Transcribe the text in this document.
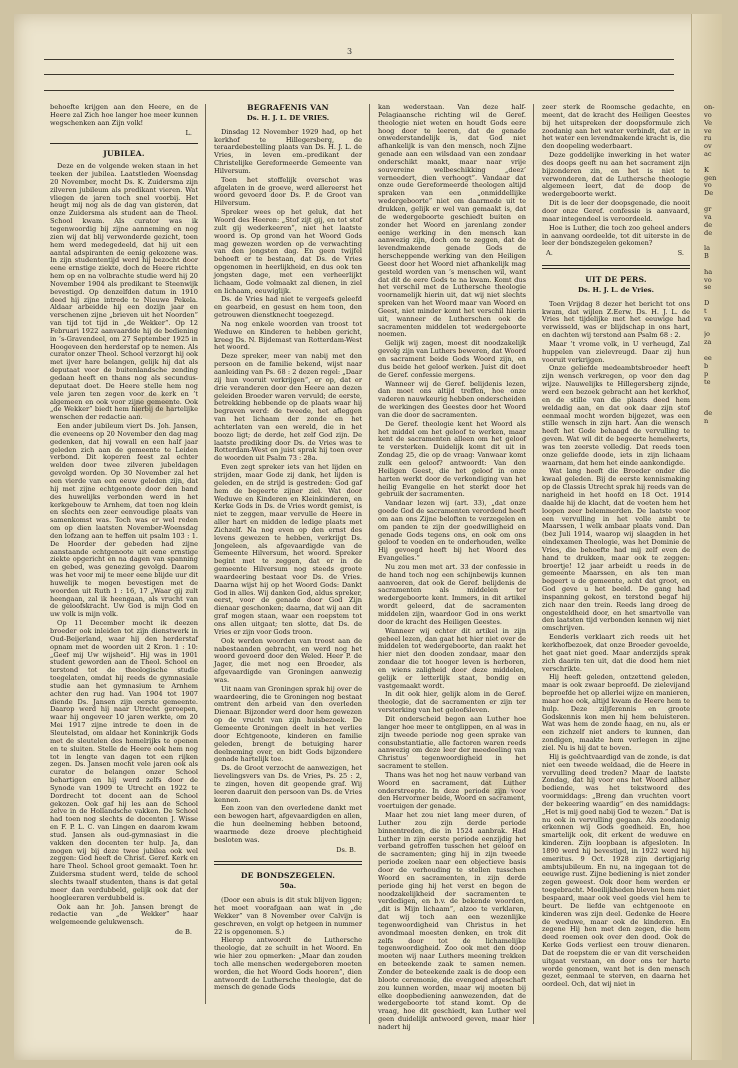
3

behoefte krijgen aan den Heere, en de Heere zal Zich hoe langer hoe meer kunnen wegschenken aan Zijn volk!

L.
JUBILEA.

Deze en de volgende weken staan in het teeken der jubilea. Laatstleden Woensdag 20 November, mocht Ds. K. Zuidersma zijn zilveren jubileum als predikant vieren. Wat vliegen de jaren toch snel voorbij. Het heugt mij nog als de dag van gisteren, dat onze Zuidersma als student aan de Theol. School kwam. Als curator was ik tegenwoordig bij zijne aanneming en nog zien wij dat blij verwonderde gezicht, toen hem werd medegedeeld, dat hij uit een aantal adspiranten de eenig gekozene was. In zijn studententijd werd hij bezocht door eene ernstige ziekte, doch de Heere richtte hem op en na volbrachte studie werd hij 20 November 1904 als predikant te Steenwijk bevestigd. Op denzelfden datum in 1910 deed hij zijne intrede te Nieuwe Pekela. Aldaar arbeidde hij een dozijn jaar en verschenen zijne „brieven uit het Noorden” van tijd tot tijd in „de Wekker”. Op 12 Februari 1922 aanvaardde hij de bediening in ’s-Gravendeel, om 27 September 1925 in Hoogeveen den herderstaf op te nemen. Als curator onzer Theol. School verzorgt hij ook met ijver hare belangen, gelijk hij dat als deputaat voor de buitenlandsche zending gedaan heeft en thans nog als secundus-deputaat doet. De Heere stelle hem nog vele jaren ten zegen voor de kerk en ’t algemeen en ook voor zijne gemeente. Ook „de Wekker” biedt hem hierbij de hartelijke wenschen der redactie aan.

Een ander jubileum viert Ds. Joh. Jansen, die eveneens op 20 November den dag mag gedenken, dat hij vowall en een half jaar geleden zich aan de gemeente te Leiden verbond. Dit koperen feest zal echter welden door twee zilveren jubeldagen gevolgd worden. Op 30 November zal het een vierde van een eeuw geleden zijn, dat hij met zijne echtgenoote door den band des huwelijks verbonden werd in het kerkgebouw te Arnhem, dat toen nog klein en slechts een zeer eenvoudige plaats van samenkomst was. Toch was er wel reden om op dien laatsten November-Woensdag den lofzang aan te heffen uit psalm 103 : 1. De Hoorder der gebeden had zijne aanstaande echtgenoote uit eene ernstige ziekte opgericht en na dagen van spanning en gebed, was genezing gevolgd. Daarom was het voor mij te meer eene blijde uur dit huwelijk te mogen bevestigen met de woorden uit Ruth 1 : 16, 17 „Waar gij zult heengaan, zal ik heengaan, als vrucht van de geloofskracht. Uw God is mijn God en uw volk is mijn volk.

Op 11 December mocht ik deezen broeder ook inleiden tot zijn dienstwerk in Oud-Beijerland, waar hij den herderstaf opnam met de woorden uit 2 Kron. 1 : 10: „Geef mij Uw wijsheid”. Hij was in 1901 student geworden aan de Theol. School en terstond tot de theologische studie toegelaten, omdat hij reeds de gymnasiale studie aan het gymnasium te Arnhem achter den rug had. Van 1904 tot 1907 diende Ds. Jansen zijn eerste gemeente. Daarop werd hij naar Utrecht geroepen, waar hij ongeveer 10 jaren werkte, om 20 Mei 1917 zijne intrede te doen in de Sleutelstad, om aldaar het Koninkrijk Gods met de sleutelen des hemelrijks te openen en te sluiten. Stelle de Heere ook hem nog tot in lengte van dagen tot een rijken zegen. Ds. Jansen mocht vele jaren ook als curator de belangen onzer School behartigen en hij werd zelfs door de Synode van 1909 te Utrecht en 1922 te Dordrecht tot docent aan de School gekozen. Ook gaf hij les aan de School zelve in de Hollandsche vakken. De School had toen nog slechts de docenten J. Wisse en F. P. L. C. van Lingen en daarom kwam stud. Jansen als oud-gymnasiast in die vakken den docenten ter hulp. Ja, dan mogen wij bij deze twee jubilea ook wel zeggen: God heeft de Christ. Geref. Kerk en hare Theol. School groot gemaakt. Toen hr. Zuidersma student werd, telde de school slechts twaalf studenten, thans is dat getal meer dan verdubbeld, gelijk ook dat der hoogleeraren verdubbeld is.

Ook aan hr. Joh. Jansen brengt de redactie van „de Wekker” haar welgemeende gelukwensch.

de B.
BEGRAFENIS VAN
Ds. H. J. L. DE VRIES.

Dinsdag 12 November 1929 had, op het kerkhof te Hillegersberg, de teraardebestelling plaats van Ds. H. J. L. de Vries, in leven em.-predikant der Christelijke Gereformeerde Gemeente van Hilversum.

Toen het stoffelijk overschot was afgelaten in de groeve, werd allereerst het woord gevoerd door Ds. P. de Groot van Hilversum.

Spreker wees op het geluk, dat het Woord des Heeren: „Stof zijt gij, en tot stof zult gij wederkeeren”, niet het laatste woord is. Op grond van het Woord Gods mag gewezen worden op de verwachting van den jongsten dag. En geen twijfel behoeft er te bestaan, dat Ds. de Vries opgenomen in heerlijkheid, en dus ook ten jongsten dage, met een verheerlijkt lichaam, Gode volmaakt zal dienen, in ziel en lichaam, eeuwiglijk.

Ds. de Vries had niet te vergeefs geleefd en gearbeid, en gesust en hem toon, den getrouwen dienstknecht toegezegd.

Na nog enkele woorden van troost tot Weduwe en Kinderen te hebben gericht, kreeg Ds. N. Bijdemast van Rotterdam-West het woord.

Deze spreker, meer van nabij met den persoon en de familie bekend, wijst naar aanleiding van Ps. 68 : 2 dezen regel: „Daar zij hun vooruit verkrijgen”, er op, dat er drie veranderen door den Heere aan dezen geleiden Broeder waren vervuld; de eerste, betrekking hebbende op de plaats waar hij begraven werd: de tweede, het afleggen van het lichaam der zonde en het achterlaten van een wereld, die in het boozo ligt; de derde, het zelf God zijn. De laatste prediking door Ds. de Vries was te Rotterdam-West en juist sprak hij toen over de woorden uit Psalm 73 : 28a.

Even zegt spreker iets van het lijden en strijden, maar Gode zij dank, het lijden is geleden, en de strijd is gestreden: God gaf hem de begeerte zijner ziel. Wat door Weduwe en Kinderen en Kleinkinderen, en Kerke Gods in Ds. de Vries wordt gemist, is niet te zeggen, maar vervulle de Heere in aller hart en midden de ledige plaats met Zichzelf. Na nog even op den ernst des levens gewezen te hebben, verkrijgt Ds. Jongeleen, als afgevaardigde van de Gemeente Hilversum, het woord. Spreker begint met te zeggen, dat er in de gemeente Hilversum nog steeds groote waardeering bestaat voor Ds. de Vries. Daarna wijst hij op het Woord Gods: Dankt God in alles. Wij danken God, aldus spreker, eerst, voor de genade door God Zijn dienaar geschonken; daarna, dat wij aan dit graf mogen staan, waar een roepstem tot ons allen uitgaat; ten slotte, dat Ds. de Vries er zijn voor Gods troon.

Ook werden woorden van troost aan de nabestaanden gebracht, en werd nog het woord gevoerd door den Weled. Heer P. de Jager, die met nog een Broeder, als afgevaardigde van Groningen aanwezig was.

Uit naam van Groningen sprak hij over de waardeering, die te Groningen nog bestaat omtrent den arbeid van den overleden Dienaar. Bijzonder werd door hem gewezen op de vrucht van zijn huisbezoek. De Gemeente Groningen deelt in het verlies door Echtgenoote, kinderen en familie geleden, brengt de betuiging harer deelneming over, en bidt Gods bijzondere genade hartelijk toe.

Ds. de Groot verzocht de aanwezigen, het lievelingsvers van Ds. de Vries, Ps. 25 : 2, te zingen, hoven dit geopende graf. Wij leeren daaruit den persoon van Ds. de Vries kennen.

Een zoon van den overledene dankt met een bewogen hart, afgevaardigden en allen, die hun deelneming hebben betoond, waarmede deze droeve plechtigheid besloten was.

Ds. B.
DE BONDSZEGELEN.
50a.

(Door een abuis is dit stuk blijven liggen; het moet voorafgaan aan wat in „de Wekker” van 8 November over Calvijn is geschreven, en volgt op hetgeen in nummer 22 is opgenomen. S.)

Hierop antwoordt de Luthersche theologie, dat ze schuilt in het Woord. En wie hier zou opmerken: „Maar dan zouden toch alle menschen wedergeboren moeten worden, die het Woord Gods hooren”, dien antwoordt de Luthersche theologie, dat de mensch de genade Gods

kan wederstaan. Van deze half-Pelagiaansche richting wil de Geref. theologie niet weten en houdt Gods eere hoog door te leeren, dat de genade onwederstandelijk is, dat God niet afhankelijk is van den mensch, noch Zijne genade aan een wilsdaad van een zondaar onderschikt maakt, maar naar vrije souvereine welbeschikking „deez’ verneedert, dien verhoogt”. Vandaar dat onze oude Gereformeerde theologen altijd spraken van een „onmiddellijke wedergeboorte” niet om daarmede uit te drukken, gelijk er wel van gemaakt is, dat de wedergeboorte geschiedt buiten en zonder het Woord en jarenlang zonder eenige werking in den mensch kan aanwezig zijn, doch om te zeggen, dat de levendmakende genade Gods de herscheppende werking van den Heiligen Geest door het Woord niet afhankelijk mag gesteld worden van ’s menschen wil, want dat dit de eere Gods te na kwam. Komt dus het verschil met de Luthersche theologie voornamelijk hierin uit, dat wij niet slechts spreken van het Woord maar van Woord en Geest, niet minder komt het verschil hierin uit, wanneer de Lutherschen ook de sacramenten middelen tot wedergeboorte noemen.

Gelijk wij zagen, moest dit noodzakelijk gevolg zijn van Luthers beweren, dat Woord en sacrament beide Gods Woord zijn, en dus beide het geloof werken. Juist dit doet de Geref. confessie mergens.

Wanneer wij de Geref. belijdenis lezen, dan moet ons altijd treffen, hoe onze vaderen nauwkeurig hebben onderscheiden de werkingen des Geestes door het Woord van die door de sacramenten.

De Geref. theologie kent het Woord als het middel om het geloof te werken, maar kent de sacramenten alleen om het geloof te versterken. Duidelijk komt dit uit in Zondag 25, die op de vraag: Vanwaar komt zulk een geloof? antwoordt: Van den Heiligen Geest, die het geloof in onze harten werkt door de verkondiging van het heilig Evangelie en het sterkt door het gebruik der sacramenten.

Vandaar lezen wij (art. 33), „dat onze goede God de sacramenten verordend heeft om aan ons Zijne beloften te verzegelen en om panden te zijn der goedwilligheid en genade Gods tegens ons, en ook om ons geloof te voeden en te onderhouden, welke Hij gevoegd heeft bij het Woord des Evangelies.”

Nu zou men met art. 33 der confessie in de hand toch nog een schijnbewijs kunnen aanvoeren, dat ook de Geref. belijdenis de sacramenten als middelen ter wedergeboorte kent. Immers, in dit artikel wordt geleerd, dat de sacramenten middelen zijn, waardoor God in ons werkt door de kracht des Heiligen Geestes.

Wanneer wij echter dit artikel in zijn geheel lezen, dan gaat het hier niet over de middelen tot wedergeboorte, dan raakt het hier niet den dooden zondaar, maar den zondaar die tot hooger leven is herboren, en wiens zaligheid door deze middelen, gelijk er letterlijk staat, bondig en vastgemaakt wordt.

In dit ook hier, gelijk alom in de Geref. theologie, dat de sacramenten er zijn ter versterking van het geloofsleven.

Dit onderscheid begon aan Luther hoe langer hoe meer te ontglippen, en al was in zijn tweede periode nog geen sprake van consubstantiatie, alle factoren waren reeds aanwezig om deze leer der meedeeling van Christus’ tegenwoordigheid in het sacrament te stellen.

Thans was het nog het nauw verband van Woord en sacrament, dat Luther onderstreepte. In deze periode zijn voor den Hervormer beide, Woord en sacrament, voertuigen der genade.

Maar het zou niet lang meer duren, of Luther zou zijn derde periode binnentreden, die in 1524 aanbrak. Had Luther in zijn eerste periode eenzijdig het verband getroffen tusschen het geloof en de sacramenten; ging hij in zijn tweede periode zoeken naar een objectieve basis door de verhouding te stellen tusschen Woord en sacramenten, in zijn derde periode ging hij het verst en begon de noodzakelijkheid der sacramenten te verdedigen, en b.v. de bekende woorden, „dit is Mijn lichaam”, alzoo te verklaren, dat wij toch aan een wezenlijke tegenwoordigheid van Christus in het avondmaal moesten denken, en trok dit zelfs door tot de lichamelijke tegenwoordigheid. Zoo ook met den doop moeten wij naar Luthers meening trekken en beteekende zaak te samen nemen. Zonder de beteekende zaak is de doop een bloote ceremonie, die evengoed afgeschaft zou kunnen worden, maar wij moeten bij elke doopbediening aanwezenden, dat de wedergeboorte tot stand komt. Op de vraag, hoe dit geschiedt, kan Luther wel geen duidelijk antwoord geven, maar hier nadert hij

zeer sterk de Roomsche gedachte, en meent, dat de kracht des Heiligen Geestes bij het uitspreken der doopsformule zich zoodanig aan het water verbindt, dat er in het water een levendmakende kracht is, die den doopeling wederbaart.

Deze goddelijke inwerking in het water des doops geeft nu aan het sacrament zijn bijzonderen zin, en het is niet te verwonderen, dat de Luthersche theologie algemeen leert, dat de doop de wedergeboorte werkt.

Dit is de leer der doopsgenade, die nooit door onze Geref. confessie is aanvaard, maar integendeel is veroordeeld.

Hoe is Luther, die toch zoo geheel anders in aanvang oordeelde, tot dit uiterste in de leer der bondszegelen gekomen?

A.	S.
UIT DE PERS.
Ds. H. J. L. de Vries.

Toen Vrijdag 8 dezer het bericht tot ons kwam, dat wijlen Z.Eerw. Ds. H. J. L. de Vries het tijdelijke met het eeuwige had verwisseld, was er blijdschap in ons hart, en dachten wij terstond aan Psalm 68 : 2.

Maar ’t vrome volk, in U verheugd, Zal huppelen van zielevreugd. Daar zij hun vooruit verkrijgen.

Onze geliefde medeambtsbroeder heeft zijn wensch verkregen, op voor den dag wijze. Nauwelijks te Hillegersberg zijnde, werd een bezoek gebracht aan het kerkhof, en de stille van die plaats deed hem weldadig aan, en dat ook daar zijn stof eenmaal mocht worden bijgezet, was een stille wensch in zijn hart. Aan die wensch heeft het Gode behaagd de vervulling te geven. Wat wil dit de begeerte hemelwerts, was ten zeerste volledig. Dat reeds toen onze geliefde doode, iets in zijn lichaam waarnam, dat hem het einde aankondigde.

Wat lang heeft die Broeder onder die kwaal geleden. Bij de eerste kennismaking op de Classis Utrecht sprak hij reeds van de narigheid in het hoofd en 18 Oct. 1914 daalde hij de klacht, dat de voeten hem het loopen zeer belemmerden. De laatste voor een vervulling in het volle ambt te Maarssen, 1 welk ambaar plaats vond. Dan (bez Juli 1914, waarop wij slaagden in het eindexamen Theologie, was het Dominie de Vries, die behoefte had mij zelf even de hand te drukken, maar ook te zeggen: broertje! 12 jaar arbeidt u reeds in de gemeente Maarssen, en als ten man begeert u de gemeente, acht dat groot, en God geve u het beeld. De gang had inspanning gekost, en terstond begaf hij zich naar den trein. Reeds lang droeg de ongesteldheid door, en het smartvolle van den laatsten tijd verbonden kennen wij niet omschrijven.

Eenderls verklaart zich reeds uit het kerkhofbezoek, dat onze Broeder gevoelde, het gaat niet goed. Maar anderzijds sprak zich daarin ten uit, dat die dood hem niet verschrikte.

Hij heeft geleden, ontzettend geleden, maar is ook zwaar beproefd. De zielevijand beproefde het op allerlei wijze en manieren, maar hoe ook, altijd kwam de Heere hem te hulp. Deze ziljferennis en groote Godskennis kon men hij hem beluisteren. Wat was hem de zonde haag, en nu, als er een zichzelf niet anders te kunnen, dan zondigen, maakte hem verlegen in zijne ziel. Nu is hij dat te boven.

Hij is geëchtvaardigd van de zonde, is dat niet een tweede weldaad, die de Heere in vervulling deed treden? Maar de laatste Zondag, dat hij voor ons het Woord allher bediende, was het tekstwoord des voormiddags: „Breng dan vruchten voort der bekeering waardig” en des namiddags: „Het is mij goed nabij God te wezen.” Dat is nu ook in vervulling gegaan. Als zoodanig erkennen wij Gods goedheid. En, hoe smartelijk ook, dit erkent de weduwe en kinderen. Zijn loopbaan is afgesloten. In 1890 werd hij bevestigd, in 1922 werd hij emeritus. 9 Oct. 1928 zijn dertigjarig ambtsjubileum. En nu, na ingegaan tot de eeuwige rust. Zijne bediening is niet zonder zegen geweest. Ook door hem werden er toegebracht. Moeilijkheden bleven hem niet bespaard, maar ook veel goeds viel hem te beurt. De liefde van echtgenoote en kinderen was zijn deel. Gedenke de Heere de weduwe, maar ook de kinderen. En zegene Hij hen met den zegen, die hem deed roemen ook over den dood. Ook de Kerke Gods verliest een trouw dienaren. Dat de roepstem die er van dit verscheiden uitgaat verstaan, en door ons ter harte worde genomen, want het is den mensch gezet, eenmaal te sterven, en daarna het oordeel. Och, dat wij niet in

on-
vo
Ve
ve
ru
ov
ac

K
gen
vo
De

gr
va
de
de

la
B

ha
vo
se

D
t
va

jo
za

ee
b
p
te

de
n
